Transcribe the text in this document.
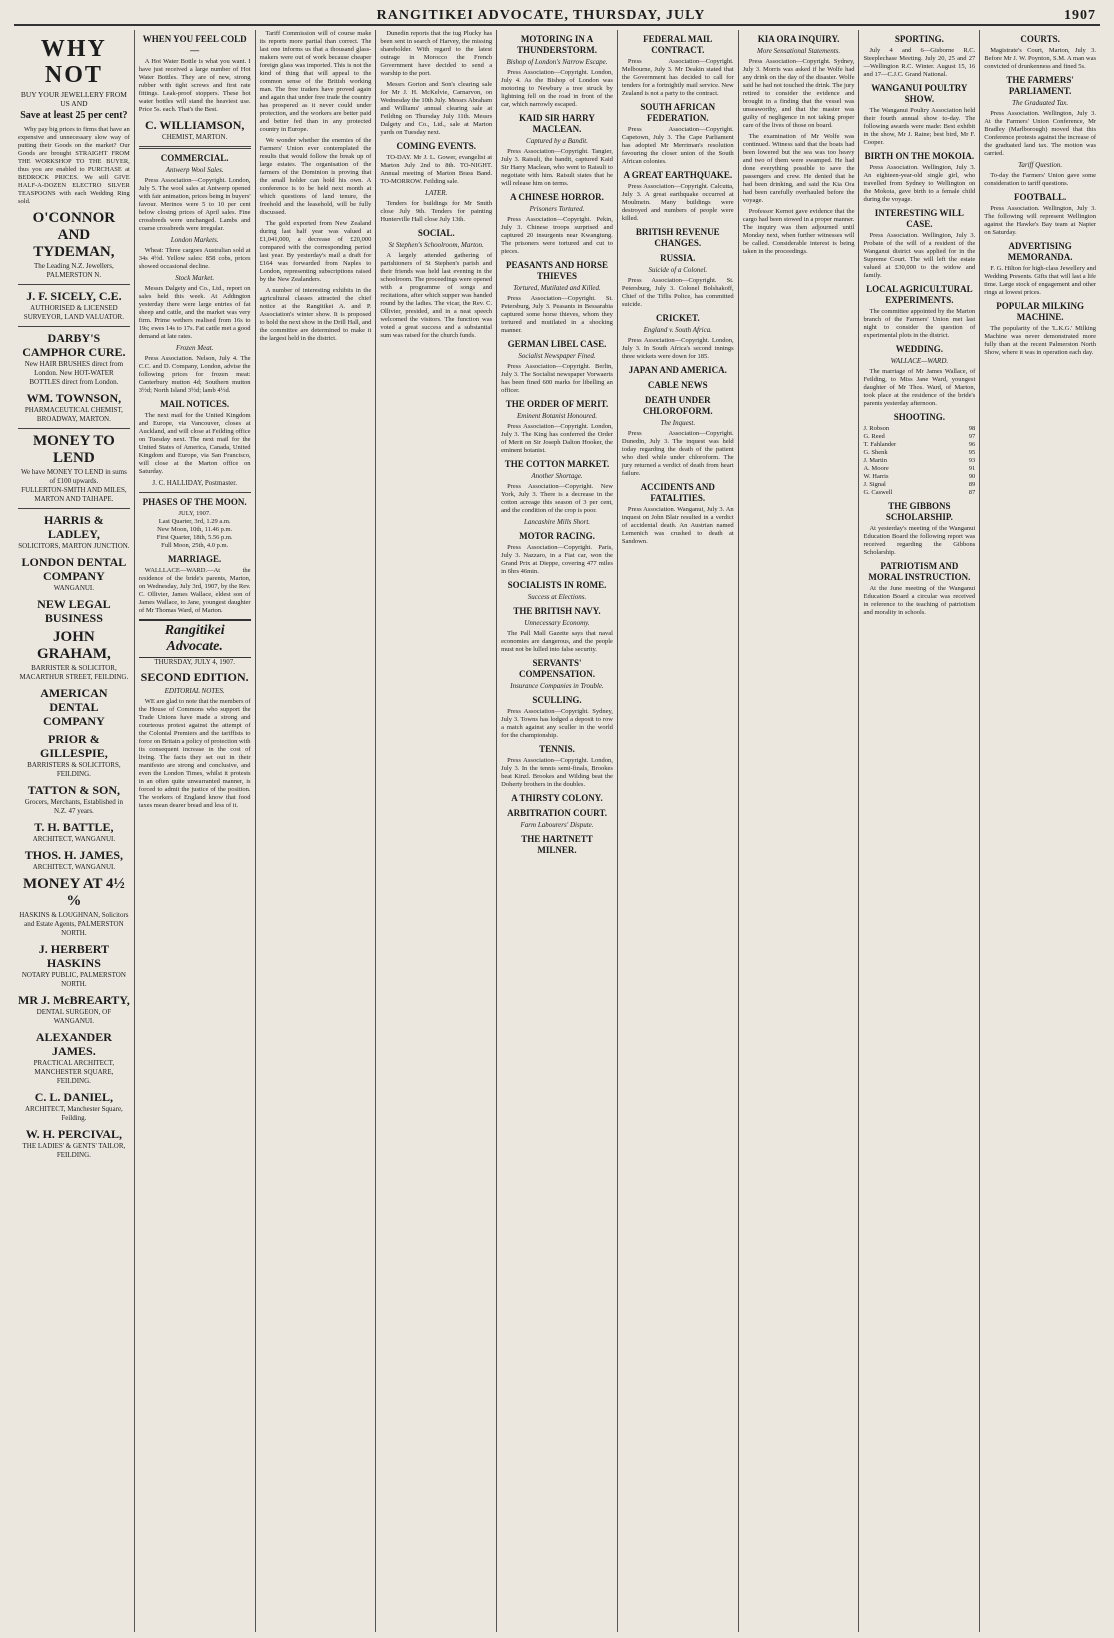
RANGITIKEI ADVOCATE, THURSDAY, JULY	1907
WHY NOT
BUY YOUR JEWELLERY FROM US AND
Save at least 25 per cent?

Why pay big prices to firms that have an expensive and unnecessary slow way of putting their Goods on the market? Our Goods are brought STRAIGHT FROM THE WORKSHOP TO THE BUYER, thus you are enabled to PURCHASE at BEDROCK PRICES. We still GIVE HALF-A-DOZEN ELECTRO SILVER TEASPOONS with each Wedding Ring sold.

O'CONNOR AND TYDEMAN,
The Leading N.Z. Jewellers, PALMERSTON N.
J. F. SICELY, C.E.
AUTHORISED & LICENSED SURVEYOR, LAND VALUATOR.
DARBY'S CAMPHOR CURE.
New HAIR BRUSHES direct from London. New HOT-WATER BOTTLES direct from London.
WM. TOWNSON,
PHARMACEUTICAL CHEMIST, BROADWAY, MARTON.
MONEY TO LEND
We have MONEY TO LEND in sums of £100 upwards.
FULLERTON-SMITH AND MILES, MARTON AND TAIHAPE.
HARRIS & LADLEY,
SOLICITORS, MARTON JUNCTION.
LONDON DENTAL COMPANY
WANGANUI.
NEW LEGAL BUSINESS
JOHN GRAHAM,
BARRISTER & SOLICITOR, MACARTHUR STREET, FEILDING.
AMERICAN DENTAL COMPANY
PRIOR & GILLESPIE,
BARRISTERS & SOLICITORS, FEILDING.
TATTON & SON,
Grocers, Merchants, Established in N.Z. 47 years.
T. H. BATTLE,
ARCHITECT, WANGANUI.
THOS. H. JAMES,
ARCHITECT, WANGANUI.
MONEY AT 4½ %
HASKINS & LOUGHNAN, Solicitors and Estate Agents, PALMERSTON NORTH.
J. HERBERT HASKINS
NOTARY PUBLIC, PALMERSTON NORTH.
MR J. McBREARTY,
DENTAL SURGEON, OF WANGANUI.
ALEXANDER JAMES.
PRACTICAL ARCHITECT, MANCHESTER SQUARE, FEILDING.
C. L. DANIEL,
ARCHITECT, Manchester Square, Feilding.
W. H. PERCIVAL,
THE LADIES' & GENTS' TAILOR, FEILDING.
WHEN YOU FEEL COLD —

A Hot Water Bottle is what you want. I have just received a large number of Hot Water Bottles. They are of new, strong rubber with tight screws and first rate fittings. Leak-proof stoppers. These hot water bottles will stand the heaviest use. Price 5s. each. That's the Best.

C. WILLIAMSON,
CHEMIST, MARTON.
COMMERCIAL.
Antwerp Wool Sales.

Press Association—Copyright. London, July 5. The wool sales at Antwerp opened with fair animation, prices being in buyers' favour. Merinos were 5 to 10 per cent below closing prices of April sales. Fine crossbreds were unchanged. Lambs and coarse crossbreds were irregular.

London Markets.

Wheat: Three cargoes Australian sold at 34s 4½d. Yellow sales: 858 cobs, prices showed occasional decline.

Stock Market.

Messrs Dalgety and Co., Ltd., report on sales held this week. At Addington yesterday there were large entries of fat sheep and cattle, and the market was very firm. Prime wethers realised from 16s to 19s; ewes 14s to 17s. Fat cattle met a good demand at late rates.

Frozen Meat.

Press Association. Nelson, July 4. The C.C. and D. Company, London, advise the following prices for frozen meat: Canterbury mutton 4d; Southern mutton 3½d; North Island 3½d; lamb 4½d.

MAIL NOTICES.

The next mail for the United Kingdom and Europe, via Vancouver, closes at Auckland, and will close at Feilding office on Tuesday next. The next mail for the United States of America, Canada, United Kingdom and Europe, via San Francisco, will close at the Marton office on Saturday.

J. C. HALLIDAY, Postmaster.
PHASES OF THE MOON.
JULY, 1907.
Last Quarter, 3rd, 1.29 a.m.
New Moon, 10th, 11.46 p.m.
First Quarter, 18th, 5.56 p.m.
Full Moon, 25th, 4.0 p.m.
MARRIAGE.

WALLLACE—WARD.—At the residence of the bride's parents, Marton, on Wednesday, July 3rd, 1907, by the Rev. C. Ollivier, James Wallace, eldest son of James Wallace, to Jane, youngest daughter of Mr Thomas Ward, of Marton.

Rangitikei Advocate.
THURSDAY, JULY 4, 1907.
SECOND EDITION.
EDITORIAL NOTES.

WE are glad to note that the members of the House of Commons who support the Trade Unions have made a strong and courteous protest against the attempt of the Colonial Premiers and the tariffists to force on Britain a policy of protection with its consequent increase in the cost of living. The facts they set out in their manifesto are strong and conclusive, and even the London Times, whilst it protests in an often quite unwarranted manner, is forced to admit the justice of the position. The workers of England know that food taxes mean dearer bread and less of it.

Tariff Commission will of course make its reports more partial than correct. The last one informs us that a thousand glass-makers were out of work because cheaper foreign glass was imported. This is not the kind of thing that will appeal to the common sense of the British working man. The free traders have proved again and again that under free trade the country has prospered as it never could under protection, and the workers are better paid and better fed than in any protected country in Europe.

We wonder whether the enemies of the Farmers' Union ever contemplated the results that would follow the break up of large estates. The organisation of the farmers of the Dominion is proving that the small holder can hold his own. A conference is to be held next month at which questions of land tenure, the freehold and the leasehold, will be fully discussed.

The gold exported from New Zealand during last half year was valued at £1,041,000, a decrease of £20,000 compared with the corresponding period last year. By yesterday's mail a draft for £164 was forwarded from Naples to London, representing subscriptions raised by the New Zealanders.

A number of interesting exhibits in the agricultural classes attracted the chief notice at the Rangitikei A. and P. Association's winter show. It is proposed to hold the next show in the Drill Hall, and the committee are determined to make it the largest held in the district.

Dunedin reports that the tug Plucky has been sent in search of Harvey, the missing shareholder. With regard to the latest outrage in Morocco the French Government have decided to send a warship to the port.

Messrs Gorton and Son's clearing sale for Mr J. H. McKelvie, Carnarvon, on Wednesday the 10th July. Messrs Abraham and Williams' annual clearing sale at Feilding on Thursday July 11th. Messrs Dalgety and Co., Ltd., sale at Marton yards on Tuesday next.

COMING EVENTS.

TO-DAY. Mr J. L. Gower, evangelist at Marton July 2nd to 8th. TO-NIGHT. Annual meeting of Marton Brass Band. TO-MORROW. Feilding sale.

LATER.

Tenders for buildings for Mr Smith close July 9th. Tenders for painting Hunterville Hall close July 13th.

SOCIAL.
St Stephen's Schoolroom, Marton.

A largely attended gathering of parishioners of St Stephen's parish and their friends was held last evening in the schoolroom. The proceedings were opened with a programme of songs and recitations, after which supper was handed round by the ladies. The vicar, the Rev. C. Ollivier, presided, and in a neat speech welcomed the visitors. The function was voted a great success and a substantial sum was raised for the church funds.

MOTORING IN A THUNDERSTORM.
Bishop of London's Narrow Escape.

Press Association—Copyright. London, July 4. As the Bishop of London was motoring to Newbury a tree struck by lightning fell on the road in front of the car, which narrowly escaped.

KAID SIR HARRY MACLEAN.
Captured by a Bandit.

Press Association—Copyright. Tangier, July 3. Raisuli, the bandit, captured Kaid Sir Harry Maclean, who went to Raisuli to negotiate with him. Raisuli states that he will release him on terms.

A CHINESE HORROR.
Prisoners Tortured.

Press Association—Copyright. Pekin, July 3. Chinese troops surprised and captured 20 insurgents near Kwangtung. The prisoners were tortured and cut to pieces.

PEASANTS AND HORSE THIEVES
Tortured, Mutilated and Killed.

Press Association—Copyright. St. Petersburg, July 3. Peasants in Bessarabia captured some horse thieves, whom they tortured and mutilated in a shocking manner.

GERMAN LIBEL CASE.
Socialist Newspaper Fined.

Press Association—Copyright. Berlin, July 3. The Socialist newspaper Vorwaerts has been fined 600 marks for libelling an officer.

THE ORDER OF MERIT.
Eminent Botanist Honoured.

Press Association—Copyright. London, July 3. The King has conferred the Order of Merit on Sir Joseph Dalton Hooker, the eminent botanist.

THE COTTON MARKET.
Another Shortage.

Press Association—Copyright. New York, July 3. There is a decrease in the cotton acreage this season of 3 per cent, and the condition of the crop is poor.

Lancashire Mills Short.
MOTOR RACING.

Press Association—Copyright. Paris, July 3. Nazzaro, in a Fiat car, won the Grand Prix at Dieppe, covering 477 miles in 6hrs 46min.

SOCIALISTS IN ROME.
Success at Elections.
THE BRITISH NAVY.
Unnecessary Economy.

The Pall Mall Gazette says that naval economies are dangerous, and the people must not be lulled into false security.

SERVANTS' COMPENSATION.
Insurance Companies in Trouble.
SCULLING.

Press Association—Copyright. Sydney, July 3. Towns has lodged a deposit to row a match against any sculler in the world for the championship.

TENNIS.

Press Association—Copyright. London, July 3. In the tennis semi-finals, Brookes beat Kinzl. Brookes and Wilding beat the Doherty brothers in the doubles.

A THIRSTY COLONY.
ARBITRATION COURT.
Farm Labourers' Dispute.
THE HARTNETT MILNER.
FEDERAL MAIL CONTRACT.

Press Association—Copyright. Melbourne, July 3. Mr Deakin stated that the Government has decided to call for tenders for a fortnightly mail service. New Zealand is not a party to the contract.

SOUTH AFRICAN FEDERATION.

Press Association—Copyright. Capetown, July 3. The Cape Parliament has adopted Mr Merriman's resolution favouring the closer union of the South African colonies.

A GREAT EARTHQUAKE.

Press Association—Copyright. Calcutta, July 3. A great earthquake occurred at Moulmein. Many buildings were destroyed and numbers of people were killed.

BRITISH REVENUE CHANGES.
RUSSIA.
Suicide of a Colonel.

Press Association—Copyright. St. Petersburg, July 3. Colonel Bolshakoff, Chief of the Tiflis Police, has committed suicide.

CRICKET.
England v. South Africa.

Press Association—Copyright. London, July 3. In South Africa's second innings three wickets were down for 185.

JAPAN AND AMERICA.
CABLE NEWS
DEATH UNDER CHLOROFORM.
The Inquest.

Press Association—Copyright. Dunedin, July 3. The inquest was held today regarding the death of the patient who died while under chloroform. The jury returned a verdict of death from heart failure.

ACCIDENTS AND FATALITIES.

Press Association. Wanganui, July 3. An inquest on John Blair resulted in a verdict of accidental death. An Austrian named Lemenich was crushed to death at Sandown.

KIA ORA INQUIRY.
More Sensational Statements.

Press Association—Copyright. Sydney, July 3. Morris was asked if he Wolfe had any drink on the day of the disaster. Wolfe said he had not touched the drink. The jury retired to consider the evidence and brought in a finding that the vessel was unseaworthy, and that the master was guilty of negligence in not taking proper care of the lives of those on board.

The examination of Mr Wolfe was continued. Witness said that the boats had been lowered but the sea was too heavy and two of them were swamped. He had done everything possible to save the passengers and crew. He denied that he had been drinking, and said the Kia Ora had been carefully overhauled before the voyage.

Professor Kernot gave evidence that the cargo had been stowed in a proper manner. The inquiry was then adjourned until Monday next, when further witnesses will be called. Considerable interest is being taken in the proceedings.

SPORTING.

July 4 and 6—Gisborne R.C. Steeplechase Meeting. July 20, 25 and 27—Wellington R.C. Winter. August 15, 16 and 17—C.J.C. Grand National.

WANGANUI POULTRY SHOW.

The Wanganui Poultry Association held their fourth annual show to-day. The following awards were made: Best exhibit in the show, Mr J. Raine; best bird, Mr F. Cooper.

BIRTH ON THE MOKOIA.

Press Association. Wellington, July 3. An eighteen-year-old single girl, who travelled from Sydney to Wellington on the Mokoia, gave birth to a female child during the voyage.

INTERESTING WILL CASE.

Press Association. Wellington, July 3. Probate of the will of a resident of the Wanganui district was applied for in the Supreme Court. The will left the estate valued at £30,000 to the widow and family.

LOCAL AGRICULTURAL EXPERIMENTS.

The committee appointed by the Marton branch of the Farmers' Union met last night to consider the question of experimental plots in the district.

WEDDING.
WALLACE—WARD.

The marriage of Mr James Wallace, of Feilding, to Miss Jane Ward, youngest daughter of Mr Thos. Ward, of Marton, took place at the residence of the bride's parents yesterday afternoon.

SHOOTING.
J. Robson	98
G. Reed	97
T. Fahlander	96
G. Shenk	95
J. Martin	93
A. Moore	91
W. Harris	90
J. Signal	89
G. Caswell	87
THE GIBBONS SCHOLARSHIP.

At yesterday's meeting of the Wanganui Education Board the following report was received regarding the Gibbons Scholarship.

PATRIOTISM AND MORAL INSTRUCTION.

At the June meeting of the Wanganui Education Board a circular was received in reference to the teaching of patriotism and morality in schools.

COURTS.

Magistrate's Court, Marton, July 3. Before Mr J. W. Poynton, S.M. A man was convicted of drunkenness and fined 5s.

THE FARMERS' PARLIAMENT.
The Graduated Tax.

Press Association. Wellington, July 3. At the Farmers' Union Conference, Mr Bradley (Marlborough) moved that this Conference protests against the increase of the graduated land tax. The motion was carried.

Tariff Question.

To-day the Farmers' Union gave some consideration to tariff questions.

FOOTBALL.

Press Association. Wellington, July 3. The following will represent Wellington against the Hawke's Bay team at Napier on Saturday.

ADVERTISING MEMORANDA.

F. G. Hilton for high-class Jewellery and Wedding Presents. Gifts that will last a life time. Large stock of engagement and other rings at lowest prices.

POPULAR MILKING MACHINE.

The popularity of the 'L.K.G.' Milking Machine was never demonstrated more fully than at the recent Palmerston North Show, where it was in operation each day.
